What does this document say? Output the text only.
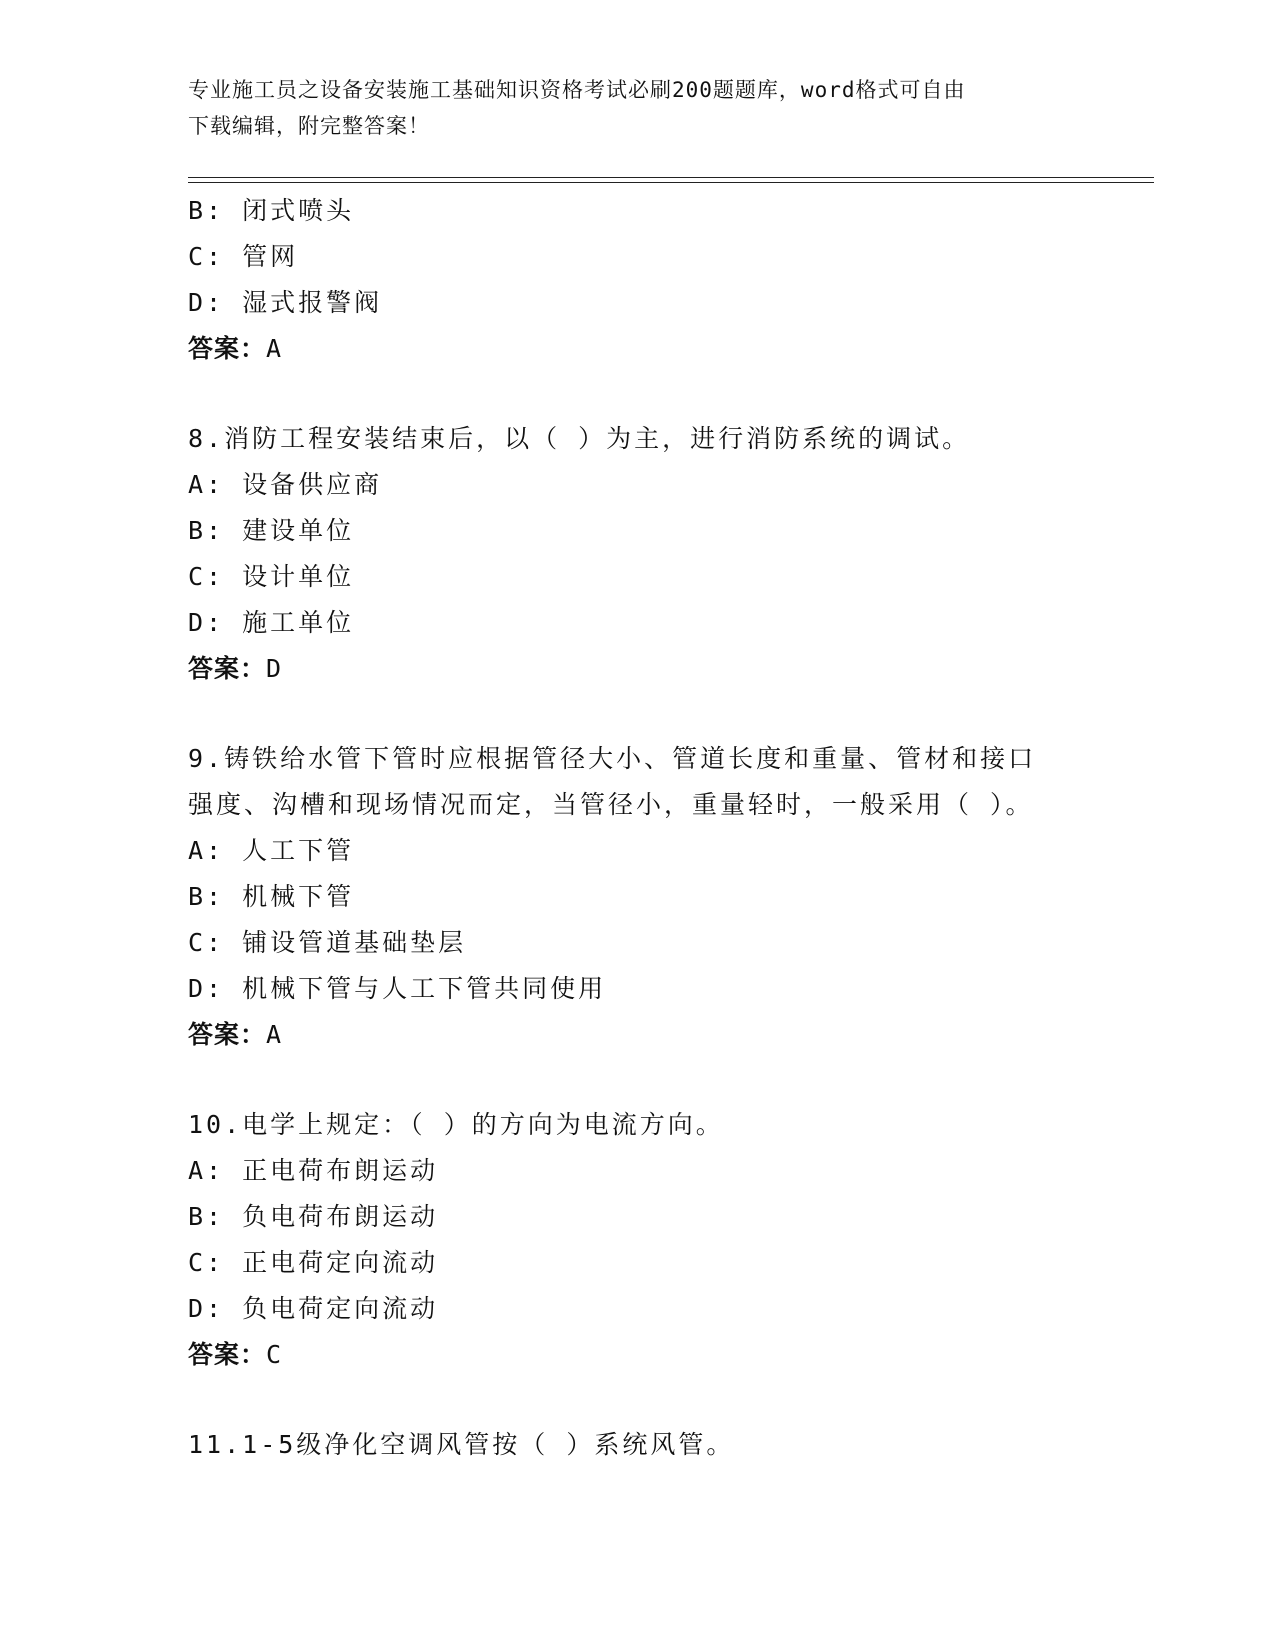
专业施工员之设备安装施工基础知识资格考试必刷200题题库，word格式可自由
下载编辑，附完整答案！
B: 闭式喷头
C: 管网
D: 湿式报警阀
答案：A
8.消防工程安装结束后，以（ ）为主，进行消防系统的调试。
A: 设备供应商
B: 建设单位
C: 设计单位
D: 施工单位
答案：D
9.铸铁给水管下管时应根据管径大小、管道长度和重量、管材和接口
强度、沟槽和现场情况而定，当管径小，重量轻时，一般采用（ ）。
A: 人工下管
B: 机械下管
C: 铺设管道基础垫层
D: 机械下管与人工下管共同使用
答案：A
10.电学上规定：（ ）的方向为电流方向。
A: 正电荷布朗运动
B: 负电荷布朗运动
C: 正电荷定向流动
D: 负电荷定向流动
答案：C
11.1-5级净化空调风管按（ ）系统风管。
